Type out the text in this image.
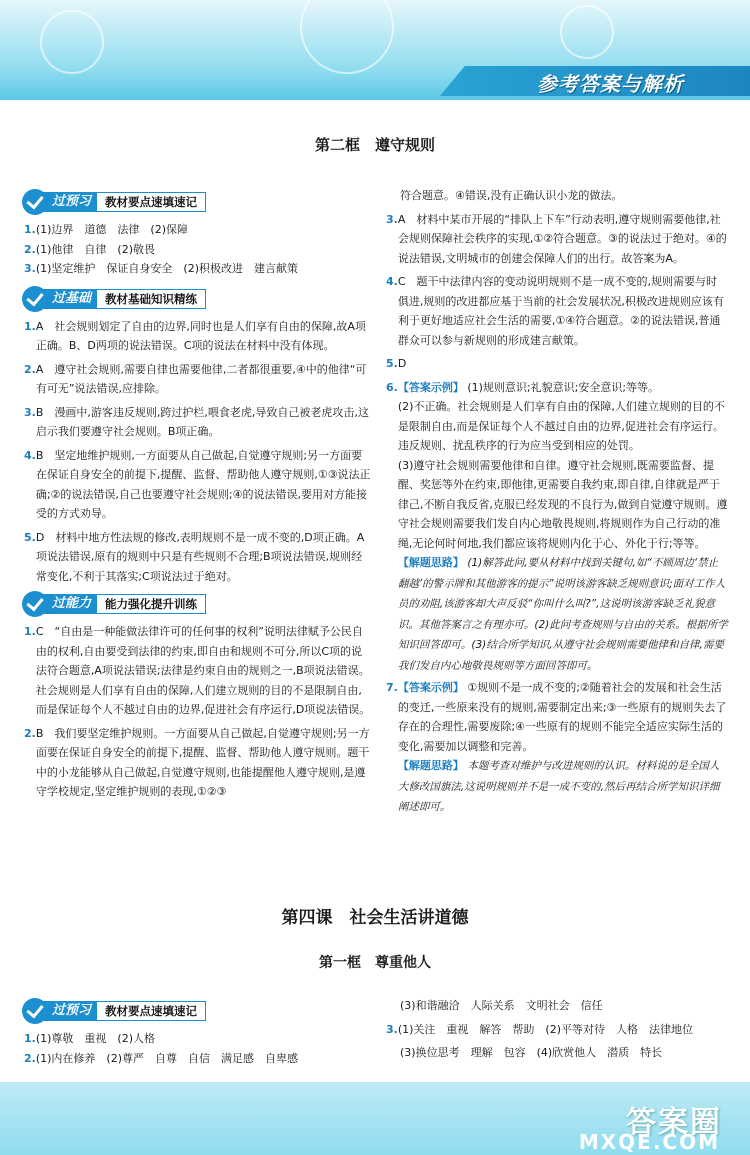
参考答案与解析
第二框　遵守规则
过预习	教材要点速填速记
1. (1)边界　道德　法律　(2)保障
2. (1)他律　自律　(2)敬畏
3. (1)坚定维护　保证自身安全　(2)积极改进　建言献策
过基础	教材基础知识精练
1. A　社会规则划定了自由的边界,同时也是人们享有自由的保障,故A项正确。B、D两项的说法错误。C项的说法在材料中没有体现。
2. A　遵守社会规则,需要自律也需要他律,二者都很重要,④中的他律“可有可无”说法错误,应排除。
3. B　漫画中,游客违反规则,跨过护栏,喂食老虎,导致自己被老虎攻击,这启示我们要遵守社会规则。B项正确。
4. B　坚定地维护规则,一方面要从自己做起,自觉遵守规则;另一方面要在保证自身安全的前提下,提醒、监督、帮助他人遵守规则,①③说法正确;②的说法错误,自己也要遵守社会规则;④的说法错误,要用对方能接受的方式劝导。
5. D　材料中地方性法规的修改,表明规则不是一成不变的,D项正确。A项说法错误,原有的规则中只是有些规则不合理;B项说法错误,规则经常变化,不利于其落实;C项说法过于绝对。
过能力	能力强化提升训练
1. C　“自由是一种能做法律许可的任何事的权利”说明法律赋予公民自由的权利,自由要受到法律的约束,即自由和规则不可分,所以C项的说法符合题意,A项说法错误;法律是约束自由的规则之一,B项说法错误。社会规则是人们享有自由的保障,人们建立规则的目的不是限制自由,而是保证每个人不越过自由的边界,促进社会有序运行,D项说法错误。
2. B　我们要坚定维护规则。一方面要从自己做起,自觉遵守规则;另一方面要在保证自身安全的前提下,提醒、监督、帮助他人遵守规则。题干中的小龙能够从自己做起,自觉遵守规则,也能提醒他人遵守规则,是遵守学校规定,坚定维护规则的表现,①②③
符合题意。④错误,没有正确认识小龙的做法。
3. A　材料中某市开展的“排队上下车”行动表明,遵守规则需要他律,社会规则保障社会秩序的实现,①②符合题意。③的说法过于绝对。④的说法错误,文明城市的创建会保障人们的出行。故答案为A。
4. C　题干中法律内容的变动说明规则不是一成不变的,规则需要与时俱进,规则的改进都应基于当前的社会发展状况,积极改进规则应该有利于更好地适应社会生活的需要,①④符合题意。②的说法错误,普通群众可以参与新规则的形成建言献策。
5. D
6. 【答案示例】 (1)规则意识;礼貌意识;安全意识;等等。
(2)不正确。社会规则是人们享有自由的保障,人们建立规则的目的不是限制自由,而是保证每个人不越过自由的边界,促进社会有序运行。违反规则、扰乱秩序的行为应当受到相应的处罚。
(3)遵守社会规则需要他律和自律。遵守社会规则,既需要监督、提醒、奖惩等外在约束,即他律,更需要自我约束,即自律,自律就是严于律己,不断自我反省,克服已经发现的不良行为,做到自觉遵守规则。遵守社会规则需要我们发自内心地敬畏规则,将规则作为自己行动的准绳,无论何时何地,我们都应该将规则内化于心、外化于行;等等。
【解题思路】 (1)解答此问,要从材料中找到关键句,如“不顾周边‘禁止翻越’的警示牌和其他游客的提示”说明该游客缺乏规则意识;面对工作人员的劝阻,该游客却大声反驳“你叫什么叫?”,这说明该游客缺乏礼貌意识。其他答案言之有理亦可。(2)此问考查规则与自由的关系。根据所学知识回答即可。(3)结合所学知识,从遵守社会规则需要他律和自律,需要我们发自内心地敬畏规则等方面回答即可。
7. 【答案示例】 ①规则不是一成不变的;②随着社会的发展和社会生活的变迁,一些原来没有的规则,需要制定出来;③一些原有的规则失去了存在的合理性,需要废除;④一些原有的规则不能完全适应实际生活的变化,需要加以调整和完善。
【解题思路】 本题考查对维护与改进规则的认识。材料说的是全国人大修改国旗法,这说明规则并不是一成不变的,然后再结合所学知识详细阐述即可。
第四课　社会生活讲道德
第一框　尊重他人
过预习	教材要点速填速记
1. (1)尊敬　重视　(2)人格
2. (1)内在修养　(2)尊严　自尊　自信　满足感　自卑感
(3)和谐融洽　人际关系　文明社会　信任
3. (1)关注　重视　解答　帮助　(2)平等对待　人格　法律地位
(3)换位思考　理解　包容　(4)欣赏他人　潜质　特长
答案圈
MXQE.COM
